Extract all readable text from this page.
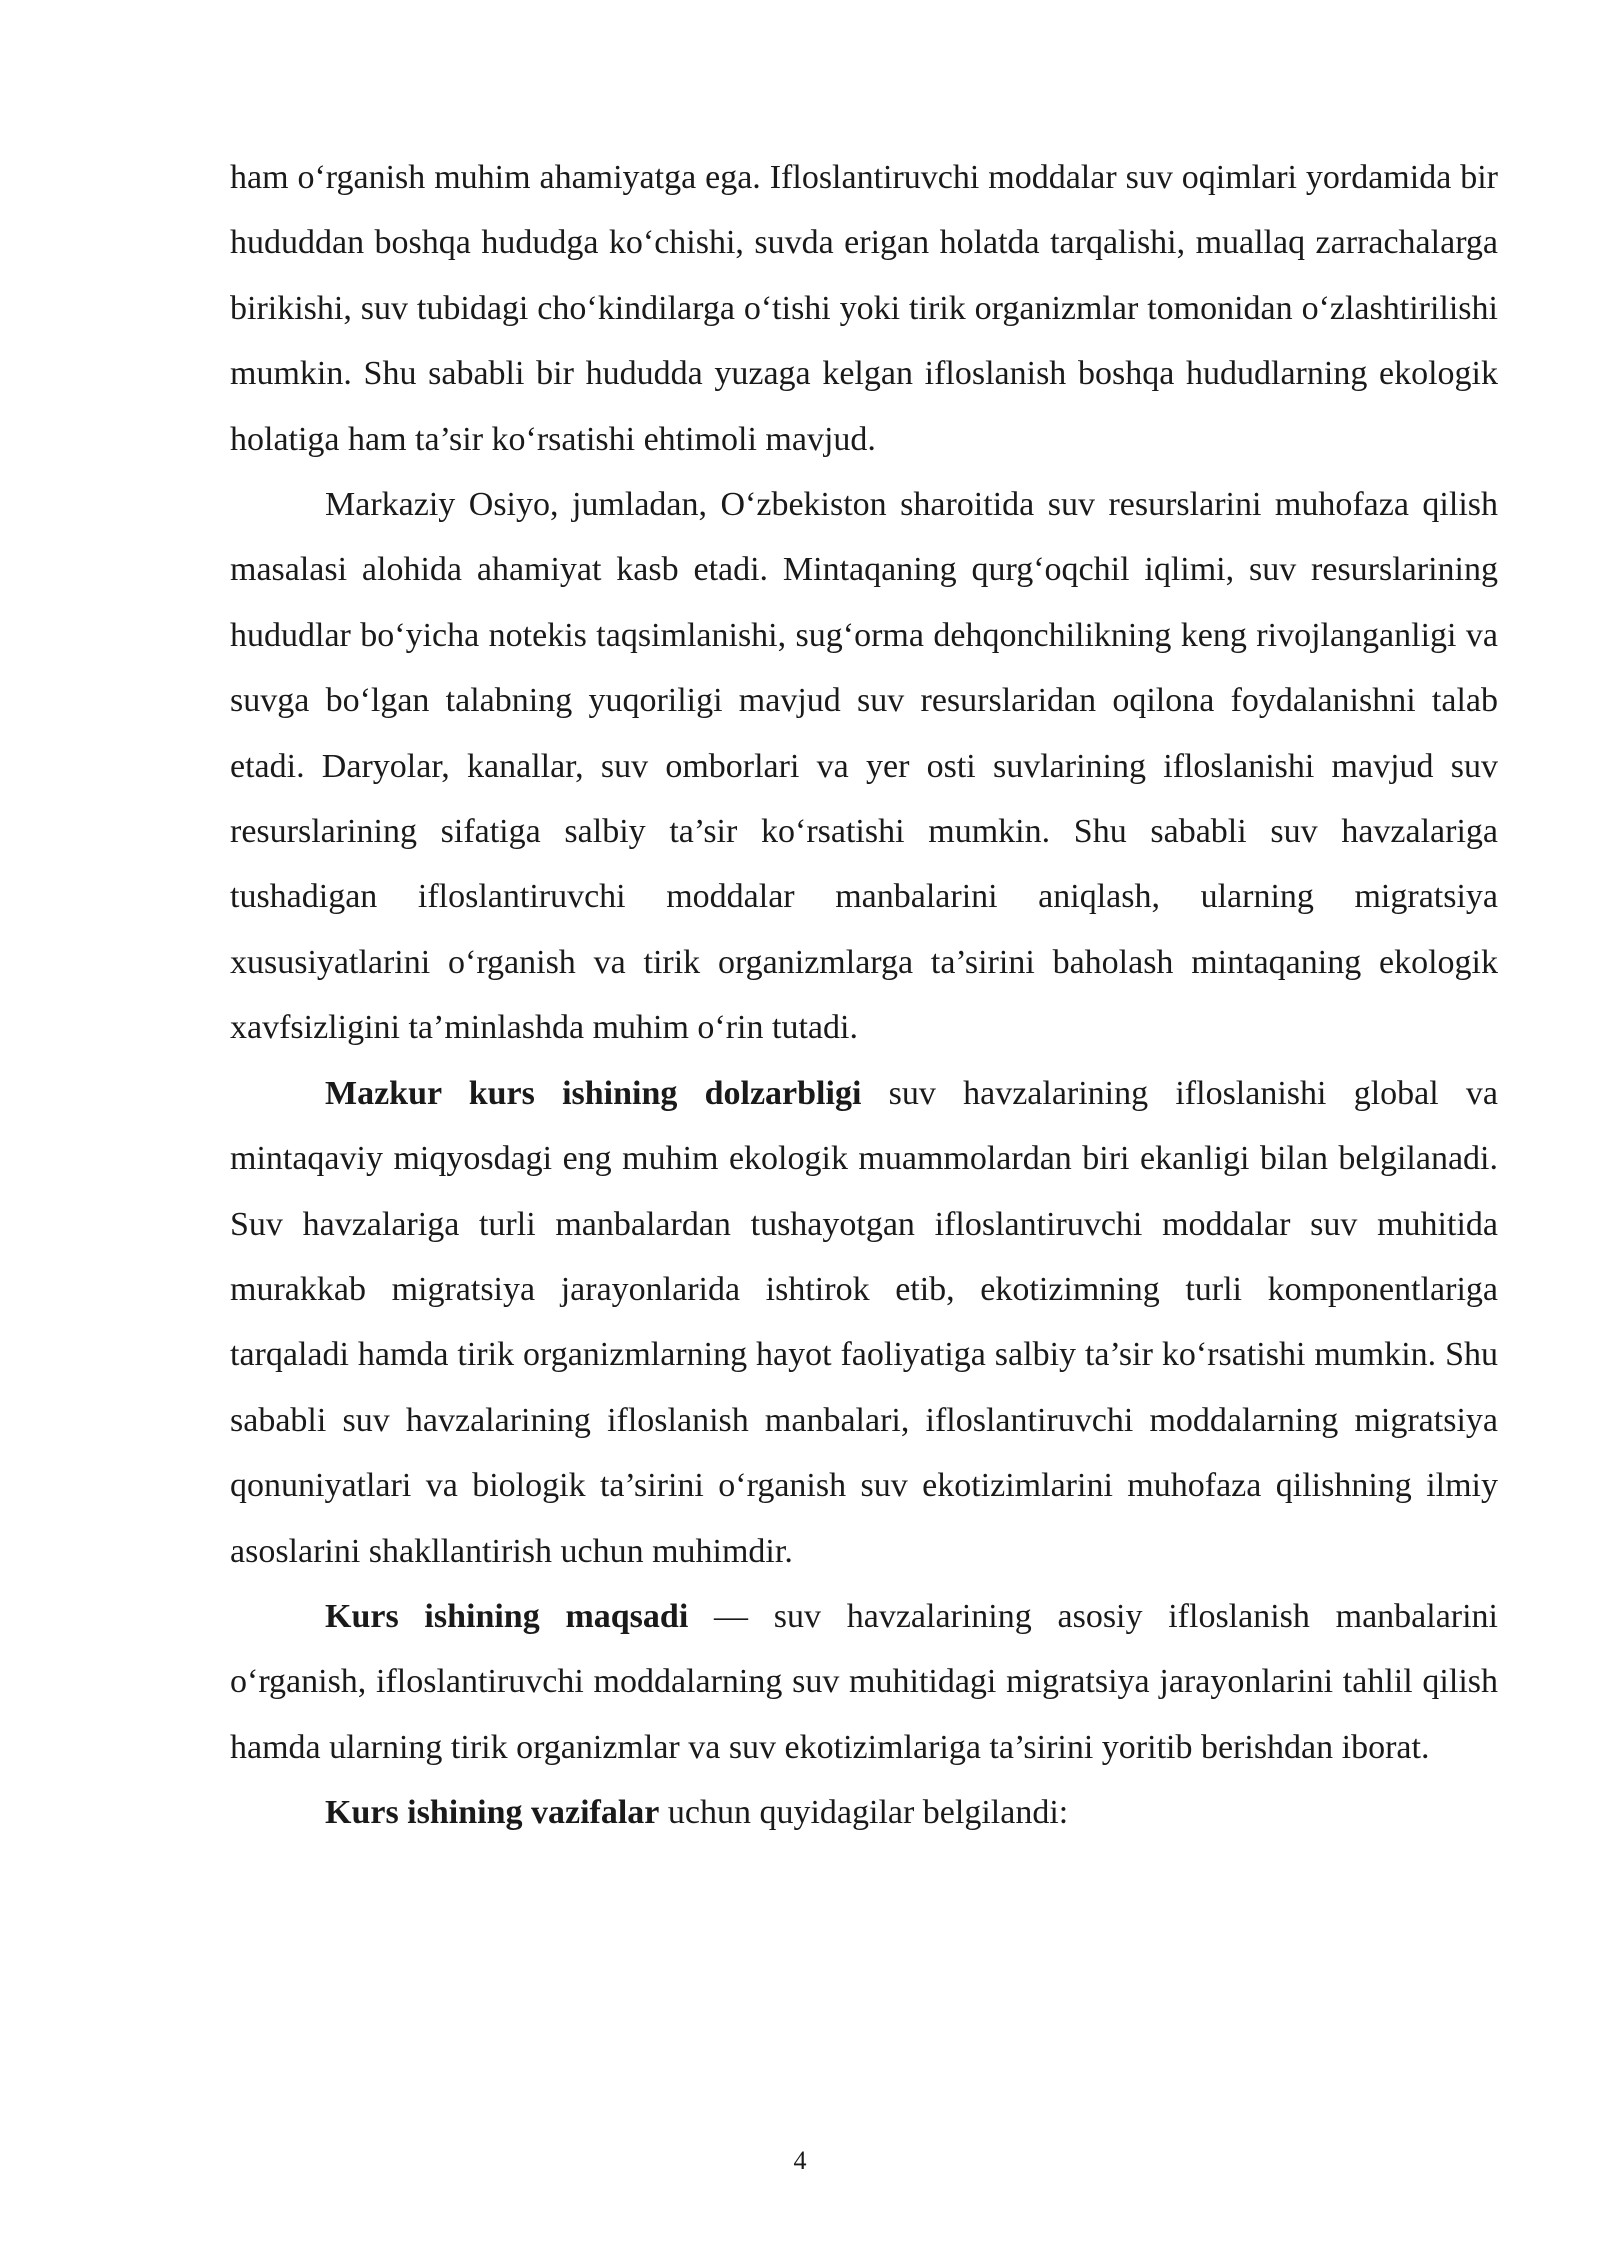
ham o‘rganish muhim ahamiyatga ega. Ifloslantiruvchi moddalar suv oqimlari yordamida bir hududdan boshqa hududga ko‘chishi, suvda erigan holatda tarqalishi, muallaq zarrachalarga birikishi, suv tubidagi cho‘kindilarga o‘tishi yoki tirik organizmlar tomonidan o‘zlashtirilishi mumkin. Shu sababli bir hududda yuzaga kelgan ifloslanish boshqa hududlarning ekologik holatiga ham ta’sir ko‘rsatishi ehtimoli mavjud.

Markaziy Osiyo, jumladan, O‘zbekiston sharoitida suv resurslarini muhofaza qilish masalasi alohida ahamiyat kasb etadi. Mintaqaning qurg‘oqchil iqlimi, suv resurslarining hududlar bo‘yicha notekis taqsimlanishi, sug‘orma dehqonchilikning keng rivojlanganligi va suvga bo‘lgan talabning yuqoriligi mavjud suv resurslaridan oqilona foydalanishni talab etadi. Daryolar, kanallar, suv omborlari va yer osti suvlarining ifloslanishi mavjud suv resurslarining sifatiga salbiy ta’sir ko‘rsatishi mumkin. Shu sababli suv havzalariga tushadigan ifloslantiruvchi moddalar manbalarini aniqlash, ularning migratsiya xususiyatlarini o‘rganish va tirik organizmlarga ta’sirini baholash mintaqaning ekologik xavfsizligini ta’minlashda muhim o‘rin tutadi.

Mazkur kurs ishining dolzarbligi suv havzalarining ifloslanishi global va mintaqaviy miqyosdagi eng muhim ekologik muammolardan biri ekanligi bilan belgilanadi. Suv havzalariga turli manbalardan tushayotgan ifloslantiruvchi moddalar suv muhitida murakkab migratsiya jarayonlarida ishtirok etib, ekotizimning turli komponentlariga tarqaladi hamda tirik organizmlarning hayot faoliyatiga salbiy ta’sir ko‘rsatishi mumkin. Shu sababli suv havzalarining ifloslanish manbalari, ifloslantiruvchi moddalarning migratsiya qonuniyatlari va biologik ta’sirini o‘rganish suv ekotizimlarini muhofaza qilishning ilmiy asoslarini shakllantirish uchun muhimdir.

Kurs ishining maqsadi — suv havzalarining asosiy ifloslanish manbalarini o‘rganish, ifloslantiruvchi moddalarning suv muhitidagi migratsiya jarayonlarini tahlil qilish hamda ularning tirik organizmlar va suv ekotizimlariga ta’sirini yoritib berishdan iborat.

Kurs ishining vazifalar uchun quyidagilar belgilandi:

4
